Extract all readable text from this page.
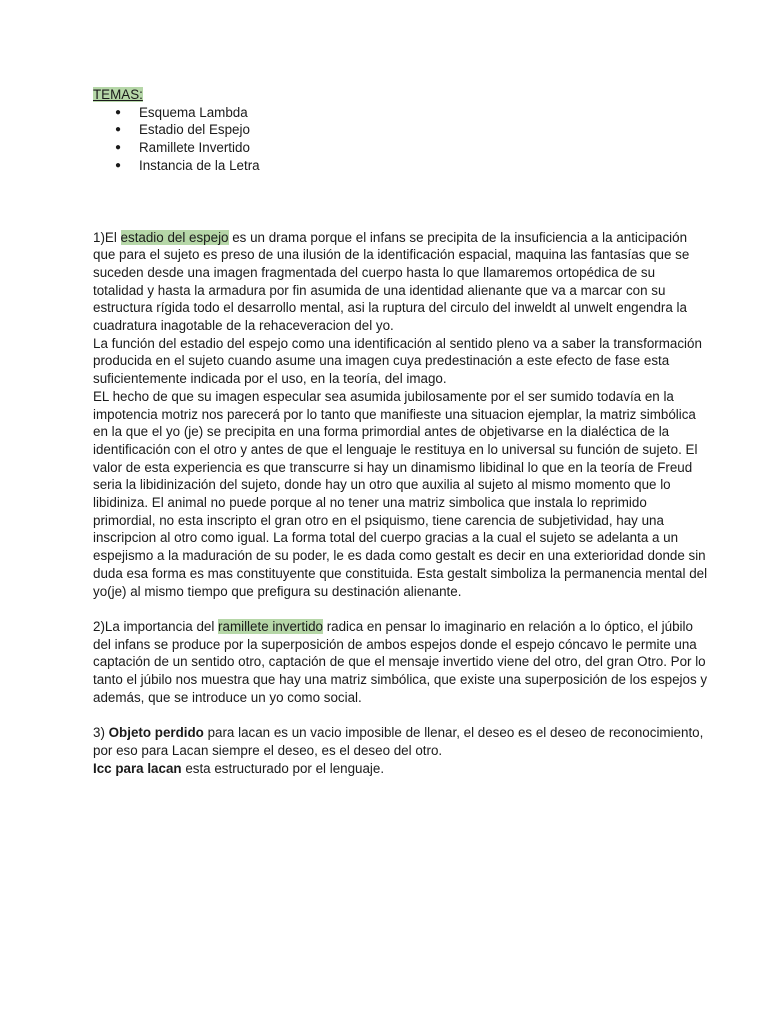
TEMAS:
● Esquema Lambda
● Estadio del Espejo
● Ramillete Invertido
● Instancia de la Letra

1)El estadio del espejo es un drama porque el infans se precipita de la insuficiencia a la anticipación que para el sujeto es preso de una ilusión de la identificación espacial, maquina las fantasías que se suceden desde una imagen fragmentada del cuerpo hasta lo que llamaremos ortopédica de su totalidad y hasta la armadura por fin asumida de una identidad alienante que va a marcar con su estructura rígida todo el desarrollo mental, asi la ruptura del circulo del inweldt al unwelt engendra la cuadratura inagotable de la rehaceveracion del yo.

La función del estadio del espejo como una identificación al sentido pleno va a saber la transformación producida en el sujeto cuando asume una imagen cuya predestinación a este efecto de fase esta suficientemente indicada por el uso, en la teoría, del imago.

EL hecho de que su imagen especular sea asumida jubilosamente por el ser sumido todavía en la impotencia motriz nos parecerá por lo tanto que manifieste una situacion ejemplar, la matriz simbólica en la que el yo (je) se precipita en una forma primordial antes de objetivarse en la dialéctica de la identificación con el otro y antes de que el lenguaje le restituya en lo universal su función de sujeto. El valor de esta experiencia es que transcurre si hay un dinamismo libidinal lo que en la teoría de Freud seria la libidinización del sujeto, donde hay un otro que auxilia al sujeto al mismo momento que lo libidiniza. El animal no puede porque al no tener una matriz simbolica que instala lo reprimido primordial, no esta inscripto el gran otro en el psiquismo, tiene carencia de subjetividad, hay una inscripcion al otro como igual. La forma total del cuerpo gracias a la cual el sujeto se adelanta a un espejismo a la maduración de su poder, le es dada como gestalt es decir en una exterioridad donde sin duda esa forma es mas constituyente que constituida. Esta gestalt simboliza la permanencia mental del yo(je) al mismo tiempo que prefigura su destinación alienante.

2)La importancia del ramillete invertido radica en pensar lo imaginario en relación a lo óptico, el júbilo del infans se produce por la superposición de ambos espejos donde el espejo cóncavo le permite una captación de un sentido otro, captación de que el mensaje invertido viene del otro, del gran Otro. Por lo tanto el júbilo nos muestra que hay una matriz simbólica, que existe una superposición de los espejos y además, que se introduce un yo como social.

3) Objeto perdido para lacan es un vacio imposible de llenar, el deseo es el deseo de reconocimiento, por eso para Lacan siempre el deseo, es el deseo del otro.

Icc para lacan esta estructurado por el lenguaje.
